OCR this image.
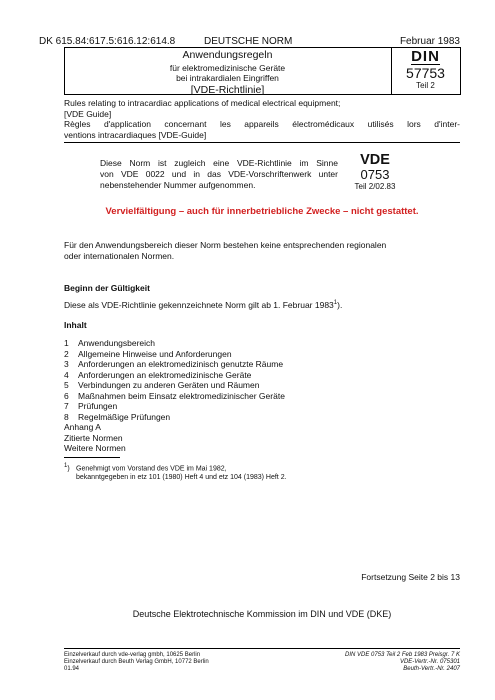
DK 615.84:617.5:616.12:614.8	DEUTSCHE NORM	Februar 1983
Anwendungsregeln
für elektromedizinische Geräte
bei intrakardialen Eingriffen
[VDE-Richtlinie]
DIN
57753
Teil 2
Rules relating to intracardiac applications of medical electrical equipment;
[VDE Guide]
Règles d'application concernant les appareils électromédicaux utilisés lors d'inter-
ventions intracardiaques [VDE-Guide]
Diese Norm ist zugleich eine VDE-Richtlinie im Sinne
von VDE 0022 und in das VDE-Vorschriftenwerk unter
nebenstehender Nummer aufgenommen.
VDE
0753
Teil 2/02.83
Vervielfältigung – auch für innerbetriebliche Zwecke – nicht gestattet.
Für den Anwendungsbereich dieser Norm bestehen keine entsprechenden regionalen
oder internationalen Normen.
Beginn der Gültigkeit
Diese als VDE-Richtlinie gekennzeichnete Norm gilt ab 1. Februar 1983$^1$).
Inhalt
1 Anwendungsbereich
2 Allgemeine Hinweise und Anforderungen
3 Anforderungen an elektromedizinisch genutzte Räume
4 Anforderungen an elektromedizinische Geräte
5 Verbindungen zu anderen Geräten und Räumen
6 Maßnahmen beim Einsatz elektromedizinischer Geräte
7 Prüfungen
8 Regelmäßige Prüfungen
Anhang A
Zitierte Normen
Weitere Normen
$^1$) Genehmigt vom Vorstand des VDE im Mai 1982,
bekanntgegeben in etz 101 (1980) Heft 4 und etz 104 (1983) Heft 2.
Fortsetzung Seite 2 bis 13
Deutsche Elektrotechnische Kommission im DIN und VDE (DKE)
Einzelverkauf durch vde-verlag gmbh, 10625 Berlin
Einzelverkauf durch Beuth Verlag GmbH, 10772 Berlin
01.94
DIN VDE 0753 Teil 2 Feb 1983 Preisgr. 7 K
VDE-Vertr.-Nr. 075301
Beuth-Vertr.-Nr. 2407
